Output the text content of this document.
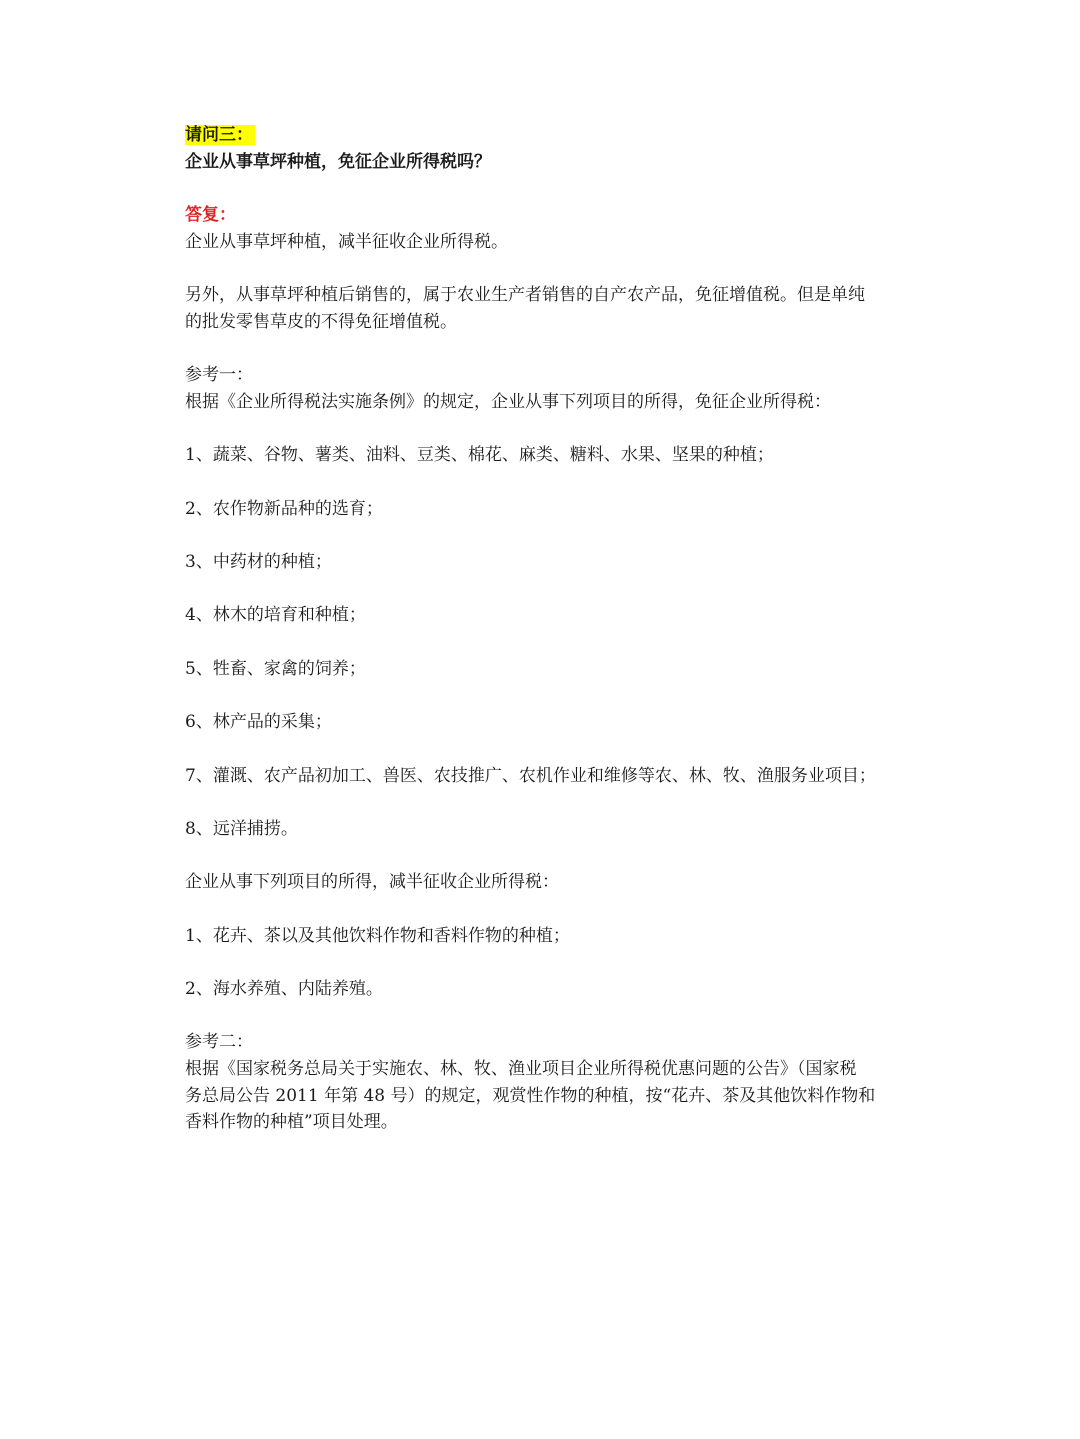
请问三：
企业从事草坪种植，免征企业所得税吗？
答复：
企业从事草坪种植，减半征收企业所得税。
另外，从事草坪种植后销售的，属于农业生产者销售的自产农产品，免征增值税。但是单纯
的批发零售草皮的不得免征增值税。
参考一：
根据《企业所得税法实施条例》的规定，企业从事下列项目的所得，免征企业所得税：
1、蔬菜、谷物、薯类、油料、豆类、棉花、麻类、糖料、水果、坚果的种植；
2、农作物新品种的选育；
3、中药材的种植；
4、林木的培育和种植；
5、牲畜、家禽的饲养；
6、林产品的采集；
7、灌溉、农产品初加工、兽医、农技推广、农机作业和维修等农、林、牧、渔服务业项目；
8、远洋捕捞。
企业从事下列项目的所得，减半征收企业所得税：
1、花卉、茶以及其他饮料作物和香料作物的种植；
2、海水养殖、内陆养殖。
参考二：
根据《国家税务总局关于实施农、林、牧、渔业项目企业所得税优惠问题的公告》（国家税
务总局公告 2011 年第 48 号）的规定，观赏性作物的种植，按“花卉、茶及其他饮料作物和
香料作物的种植”项目处理。
